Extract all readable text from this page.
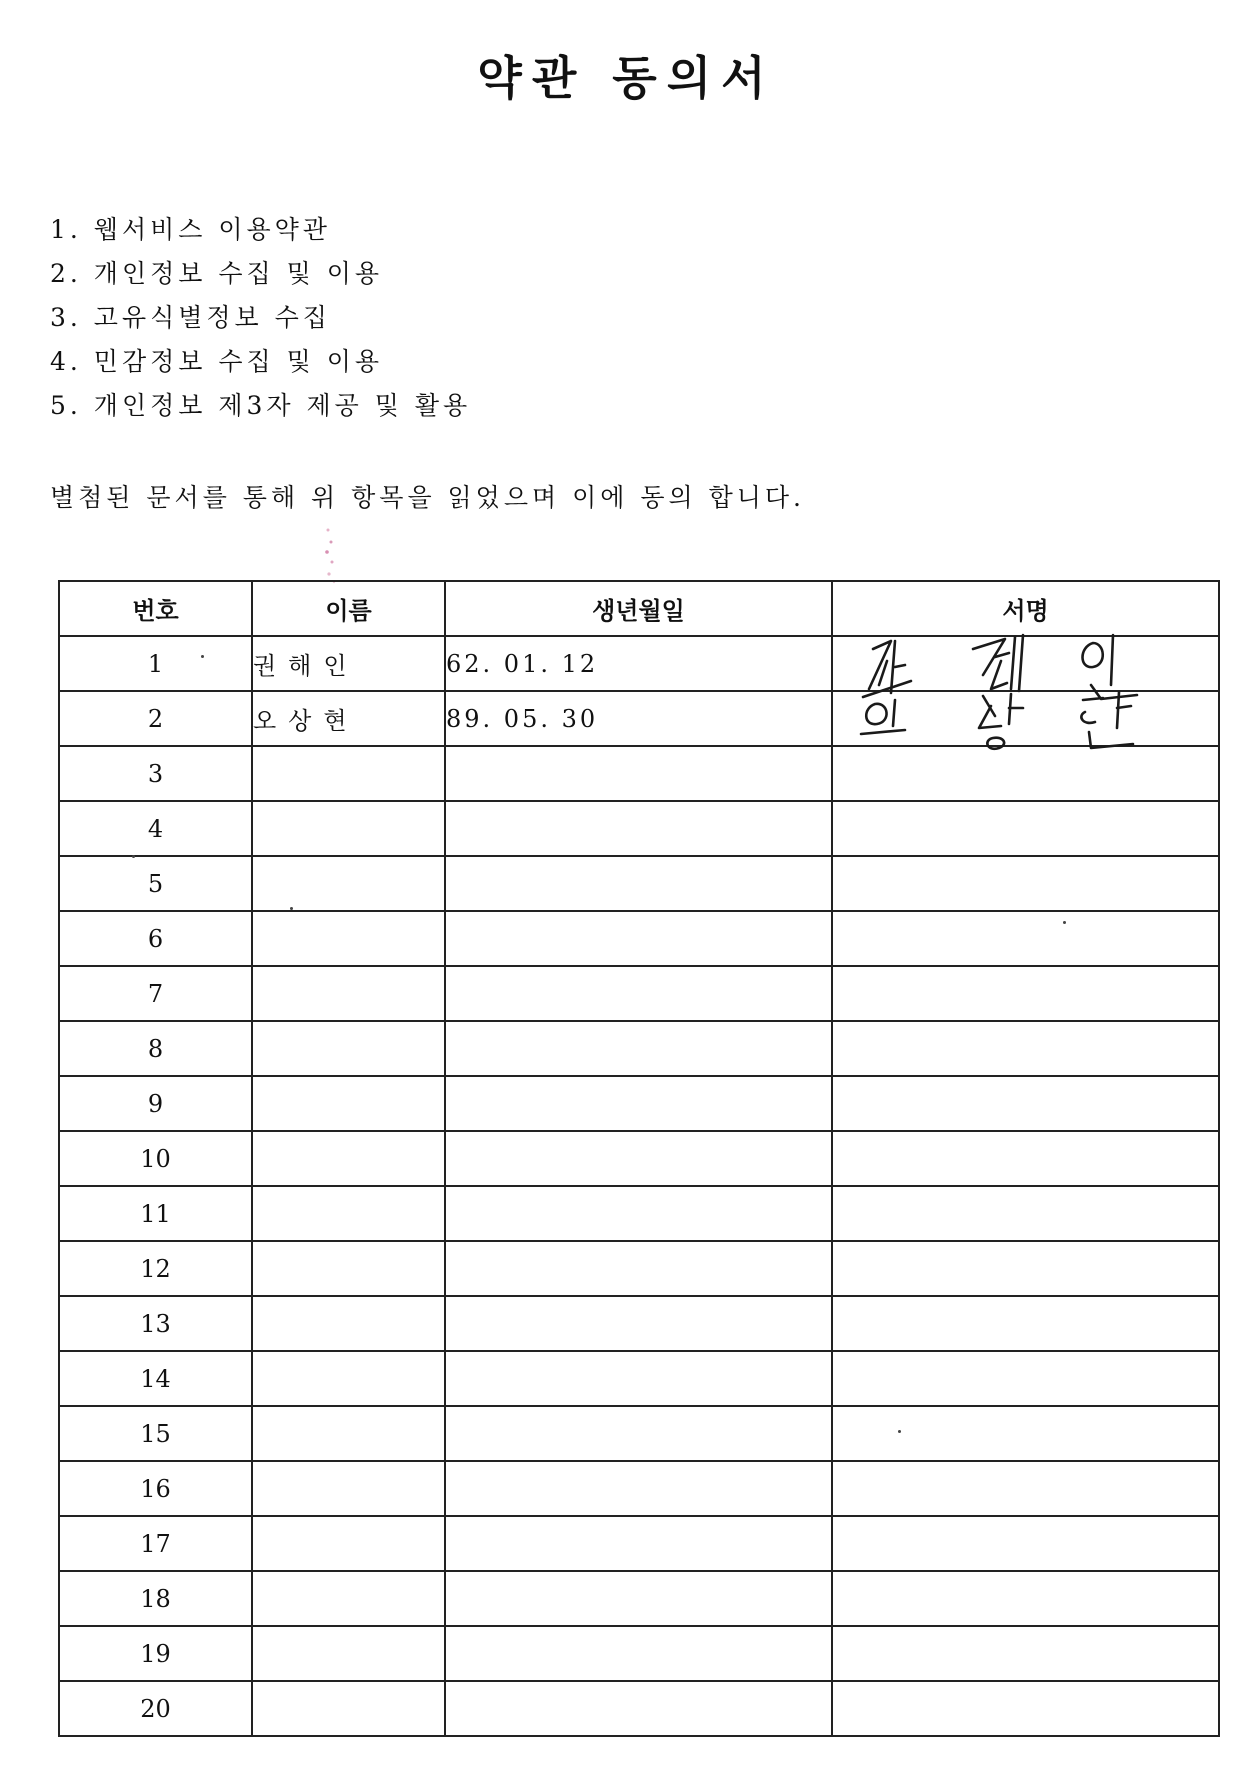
약관 동의서
1. 웹서비스 이용약관
2. 개인정보 수집 및 이용
3. 고유식별정보 수집
4. 민감정보 수집 및 이용
5. 개인정보 제3자 제공 및 활용

별첨된 문서를 통해 위 항목을 읽었으며 이에 동의 합니다.

번호	이름	생년월일	서명
1	권해인	62. 01. 12	

2	오상현	89. 05. 30	

3			
4			
5			
6			
7			
8			
9			
10			
11			
12			
13			
14			
15			
16			
17			
18			
19			
20			
